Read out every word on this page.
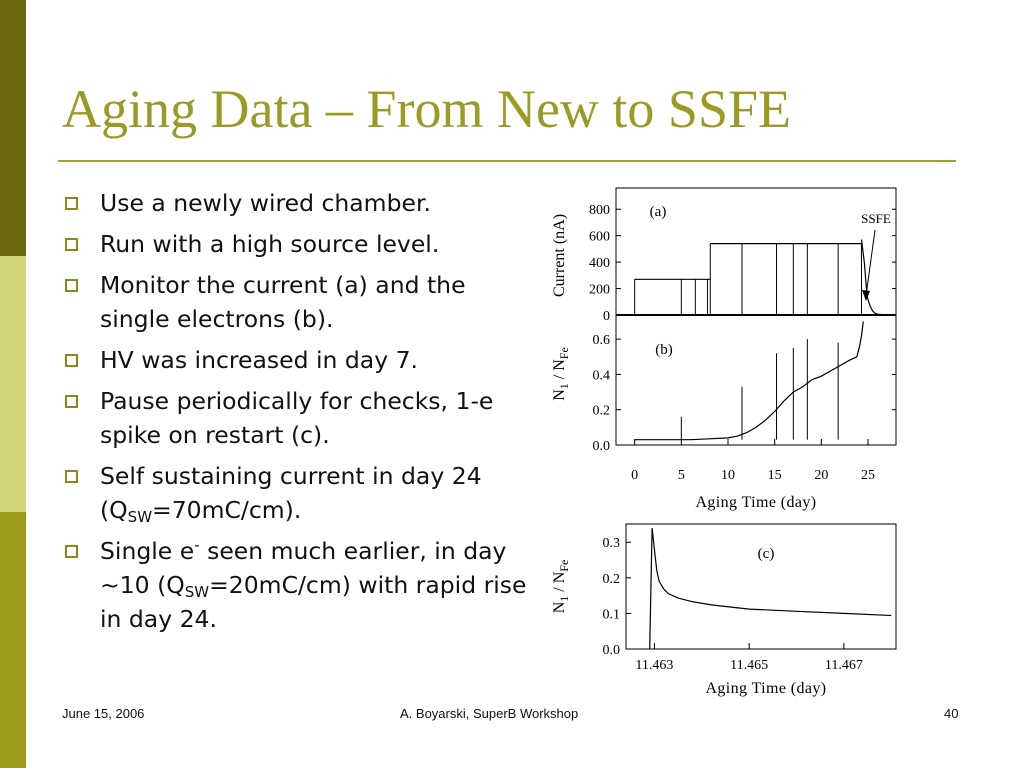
Aging Data – From New to SSFE
Use a newly wired chamber.
Run with a high source level.
Monitor the current (a) and the single electrons (b).
HV was increased in day 7.
Pause periodically for checks, 1-e spike on restart (c).
Self sustaining current in day 24 $(Q_{SW}=70mC/cm)$.
Single e- seen much earlier, in day ~10 $(Q_{SW}=20mC/cm)$ with rapid rise in day 24.
0
200
400
600
800
Current (nA)
(a)	SSFE
0.0
0.2
0.4
0.6
$N_1 / N_{Fe}$	(b)
0	5	10 15 20 25
Aging Time (day)
0.0
0.1
0.2
0.3
11.463	11.465	11.467
$N_1 / N_{Fe}$
(c)
Aging Time (day)
June 15, 2006	A. Boyarski, SuperB Workshop	40
